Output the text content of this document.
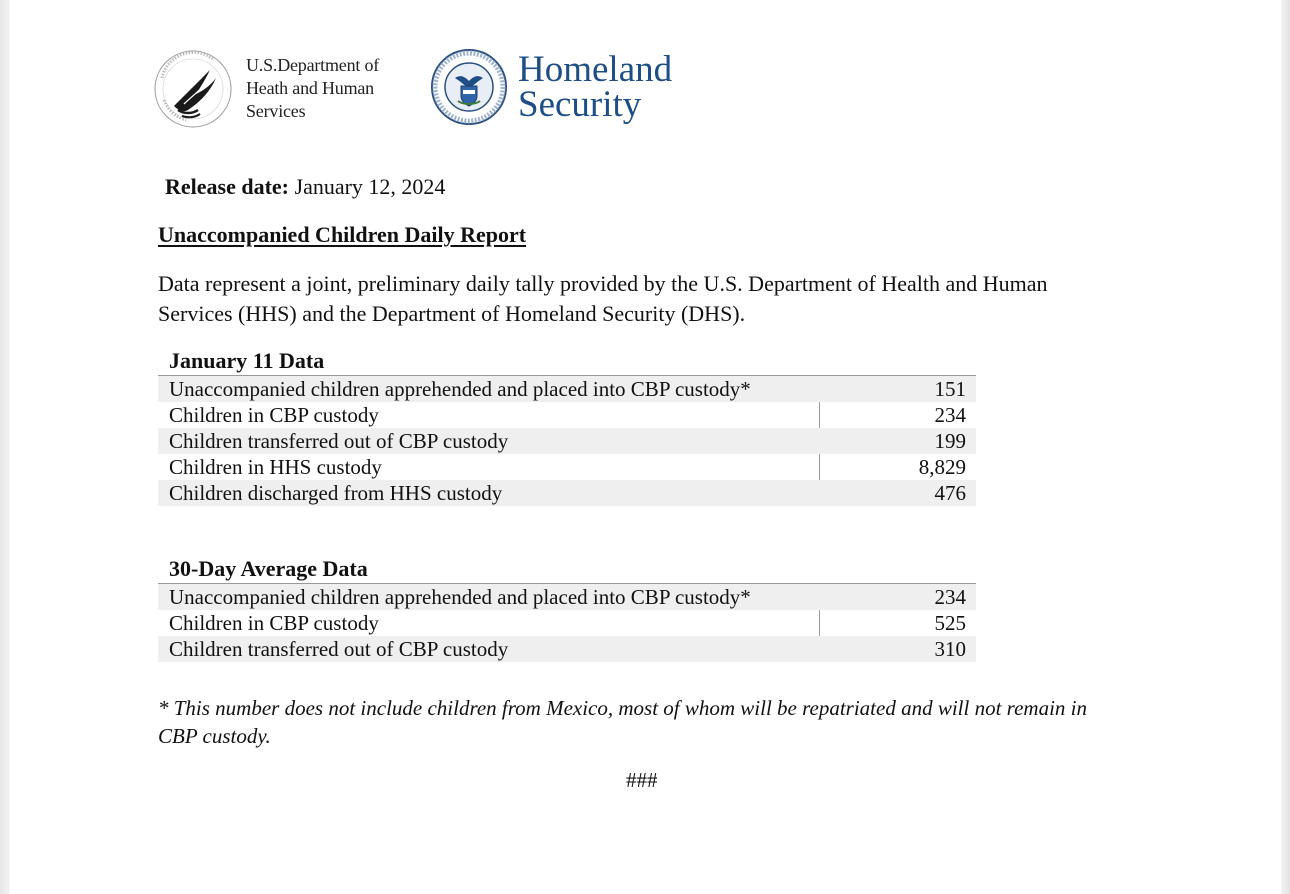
U.S.Department of
Heath and Human
Services
Homeland
Security
Release date: January 12, 2024
Unaccompanied Children Daily Report
Data represent a joint, preliminary daily tally provided by the U.S. Department of Health and Human Services (HHS) and the Department of Homeland Security (DHS).
January 11 Data
Unaccompanied children apprehended and placed into CBP custody*	151
Children in CBP custody	234
Children transferred out of CBP custody	199
Children in HHS custody	8,829
Children discharged from HHS custody	476
30-Day Average Data
Unaccompanied children apprehended and placed into CBP custody*	234
Children in CBP custody	525
Children transferred out of CBP custody	310
* This number does not include children from Mexico, most of whom will be repatriated and will not remain in CBP custody.
###
